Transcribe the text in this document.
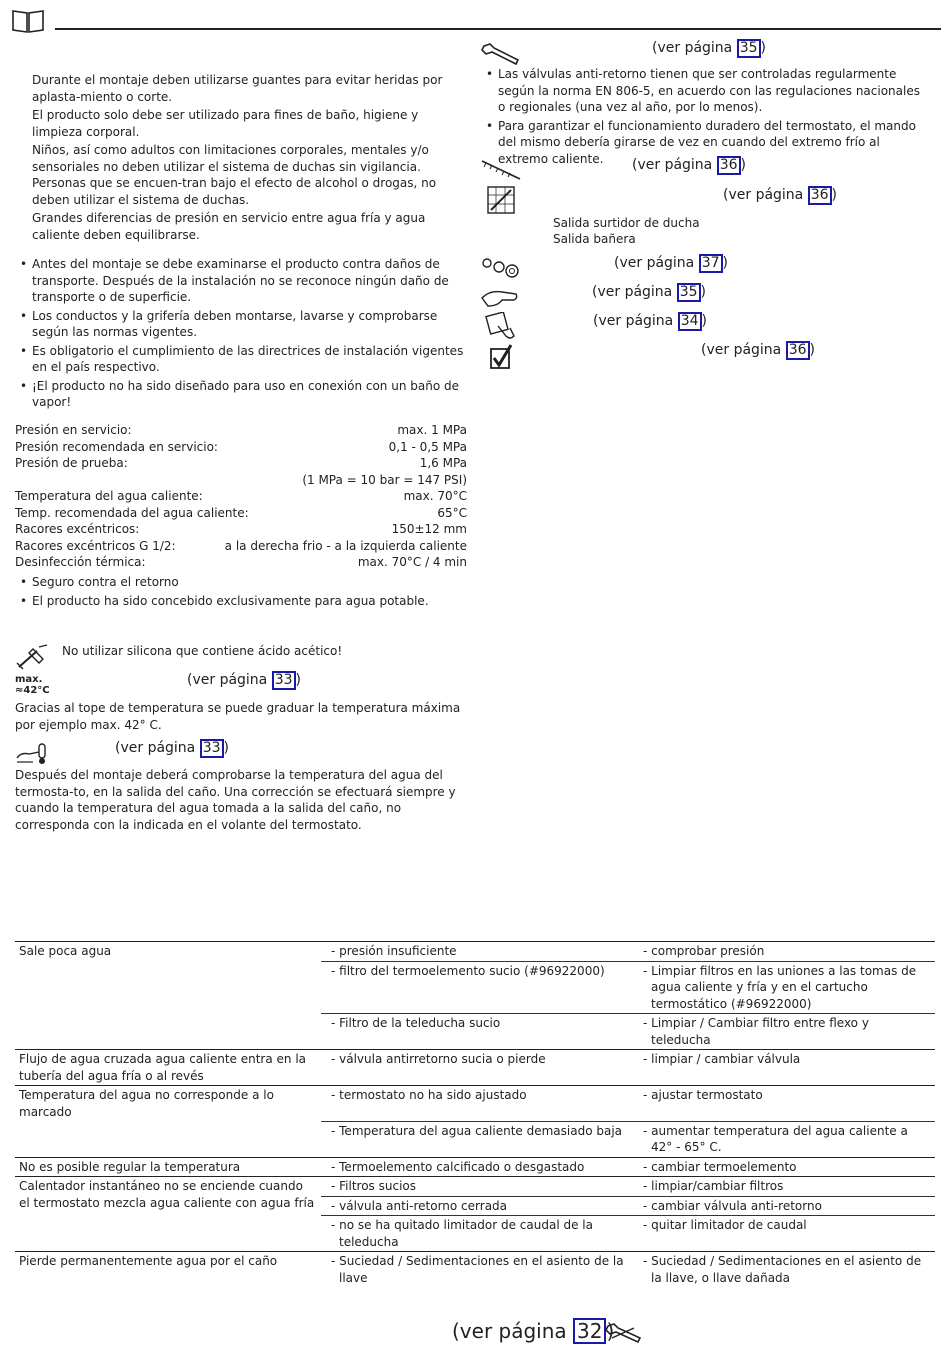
Durante el montaje deben utilizarse guantes para evitar heridas por aplasta-miento o corte.

El producto solo debe ser utilizado para fines de baño, higiene y limpieza corporal.

Niños, así como adultos con limitaciones corporales, mentales y/o sensoriales no deben utilizar el sistema de duchas sin vigilancia. Personas que se encuen-tran bajo el efecto de alcohol o drogas, no deben utilizar el sistema de duchas.

Grandes diferencias de presión en servicio entre agua fría y agua caliente deben equilibrarse.

• Antes del montaje se debe examinarse el producto contra daños de transporte. Después de la instalación no se reconoce ningún daño de transporte o de superficie.
• Los conductos y la grifería deben montarse, lavarse y comprobarse según las normas vigentes.
• Es obligatorio el cumplimiento de las directrices de instalación vigentes en el país respectivo.
• ¡El producto no ha sido diseñado para uso en conexión con un baño de vapor!
Presión en servicio:	max. 1 MPa
Presión recomendada en servicio:	0,1 - 0,5 MPa
Presión de prueba:	1,6 MPa
(1 MPa = 10 bar = 147 PSI)
Temperatura del agua caliente:	max. 70°C
Temp. recomendada del agua caliente:	65°C
Racores excéntricos:	150±12 mm
Racores excéntricos G 1/2:	a la derecha frio - a la izquierda caliente
Desinfección térmica:	max. 70°C / 4 min
• Seguro contra el retorno
• El producto ha sido concebido exclusivamente para agua potable.
No utilizar silicona que contiene ácido acético!
max.
≈42°C
(ver página 33 )

Gracias al tope de temperatura se puede graduar la temperatura máxima por ejemplo max. 42° C.

(ver página 33 )

Después del montaje deberá comprobarse la temperatura del agua del termosta-to, en la salida del caño. Una corrección se efectuará siempre y cuando la temperatura del agua tomada a la salida del caño, no corresponda con la indicada en el volante del termostato.

(ver página 35 )
• Las válvulas anti-retorno tienen que ser controladas regularmente según la norma EN 806-5, en acuerdo con las regulaciones nacionales o regionales (una vez al año, por lo menos).
• Para garantizar el funcionamiento duradero del termostato, el mando del mismo debería girarse de vez en cuando del extremo frío al extremo caliente.	(ver página 36 )
(ver página 36 )
Salida surtidor de ducha
Salida bañera
(ver página 37 )
(ver página 35 )
(ver página 34 )
(ver página 36 )
Sale poca agua	- presión insuficiente	- comprobar presión

	- filtro del termoelemento sucio (#96922000)	- Limpiar filtros en las uniones a las tomas de agua caliente y fría y en el cartucho termostático (#96922000)

	- Filtro de la teleducha sucio	- Limpiar / Cambiar filtro entre flexo y teleducha

Flujo de agua cruzada agua caliente entra en la tubería del agua fría o al revés	- válvula antirretorno sucia o pierde	- limpiar / cambiar válvula

Temperatura del agua no corresponde a lo marcado	- termostato no ha sido ajustado	- ajustar termostato

	- Temperatura del agua caliente demasiado baja	- aumentar temperatura del agua caliente a 42° - 65° C.

No es posible regular la temperatura	- Termoelemento calcificado o desgastado	- cambiar termoelemento

Calentador instantáneo no se enciende cuando el termostato mezcla agua caliente con agua fría	- Filtros sucios	- limpiar/cambiar filtros

	- válvula anti-retorno cerrada	- cambiar válvula anti-retorno

	- no se ha quitado limitador de caudal de la teleducha	- quitar limitador de caudal

Pierde permanentemente agua por el caño	- Suciedad / Sedimentaciones en el asiento de la llave	- Suciedad / Sedimentaciones en el asiento de la llave, o llave dañada
(ver página 32 )
